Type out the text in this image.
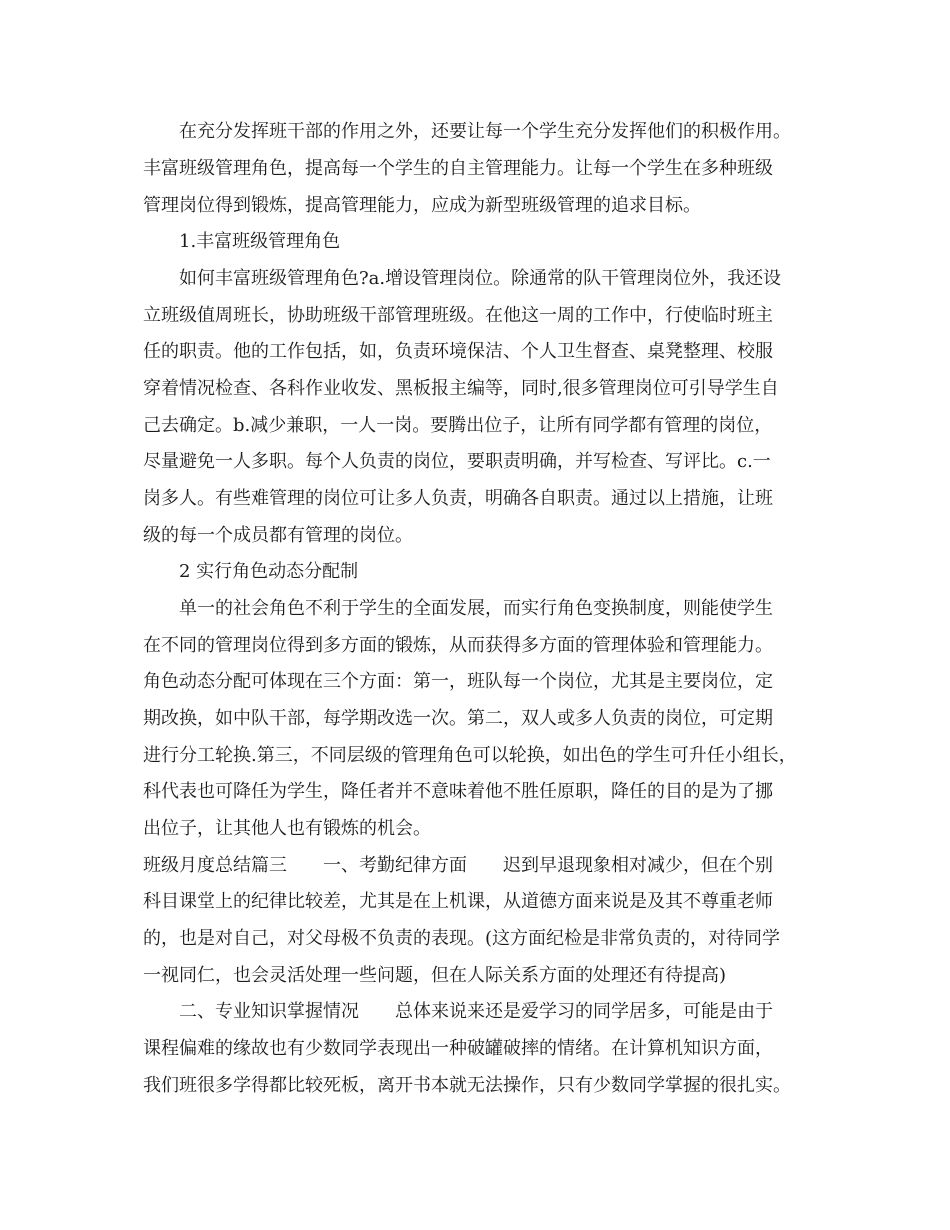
在充分发挥班干部的作用之外，还要让每一个学生充分发挥他们的积极作用。
丰富班级管理角色，提高每一个学生的自主管理能力。让每一个学生在多种班级
管理岗位得到锻炼，提高管理能力，应成为新型班级管理的追求目标。
1.丰富班级管理角色
如何丰富班级管理角色?a.增设管理岗位。除通常的队干管理岗位外，我还设
立班级值周班长，协助班级干部管理班级。在他这一周的工作中，行使临时班主
任的职责。他的工作包括，如，负责环境保洁、个人卫生督查、桌凳整理、校服
穿着情况检查、各科作业收发、黑板报主编等，同时,很多管理岗位可引导学生自
己去确定。b.减少兼职，一人一岗。要腾出位子，让所有同学都有管理的岗位，
尽量避免一人多职。每个人负责的岗位，要职责明确，并写检查、写评比。c.一
岗多人。有些难管理的岗位可让多人负责，明确各自职责。通过以上措施，让班
级的每一个成员都有管理的岗位。
2 实行角色动态分配制
单一的社会角色不利于学生的全面发展，而实行角色变换制度，则能使学生
在不同的管理岗位得到多方面的锻炼，从而获得多方面的管理体验和管理能力。
角色动态分配可体现在三个方面：第一，班队每一个岗位，尤其是主要岗位，定
期改换，如中队干部，每学期改选一次。第二，双人或多人负责的岗位，可定期
进行分工轮换.第三，不同层级的管理角色可以轮换，如出色的学生可升任小组长，
科代表也可降任为学生，降任者并不意味着他不胜任原职，降任的目的是为了挪
出位子，让其他人也有锻炼的机会。
班级月度总结篇三　　一、考勤纪律方面　　迟到早退现象相对减少，但在个别
科目课堂上的纪律比较差，尤其是在上机课，从道德方面来说是及其不尊重老师
的，也是对自己，对父母极不负责的表现。(这方面纪检是非常负责的，对待同学
一视同仁，也会灵活处理一些问题，但在人际关系方面的处理还有待提高)
二、专业知识掌握情况　　总体来说来还是爱学习的同学居多，可能是由于
课程偏难的缘故也有少数同学表现出一种破罐破摔的情绪。在计算机知识方面，
我们班很多学得都比较死板，离开书本就无法操作，只有少数同学掌握的很扎实。
